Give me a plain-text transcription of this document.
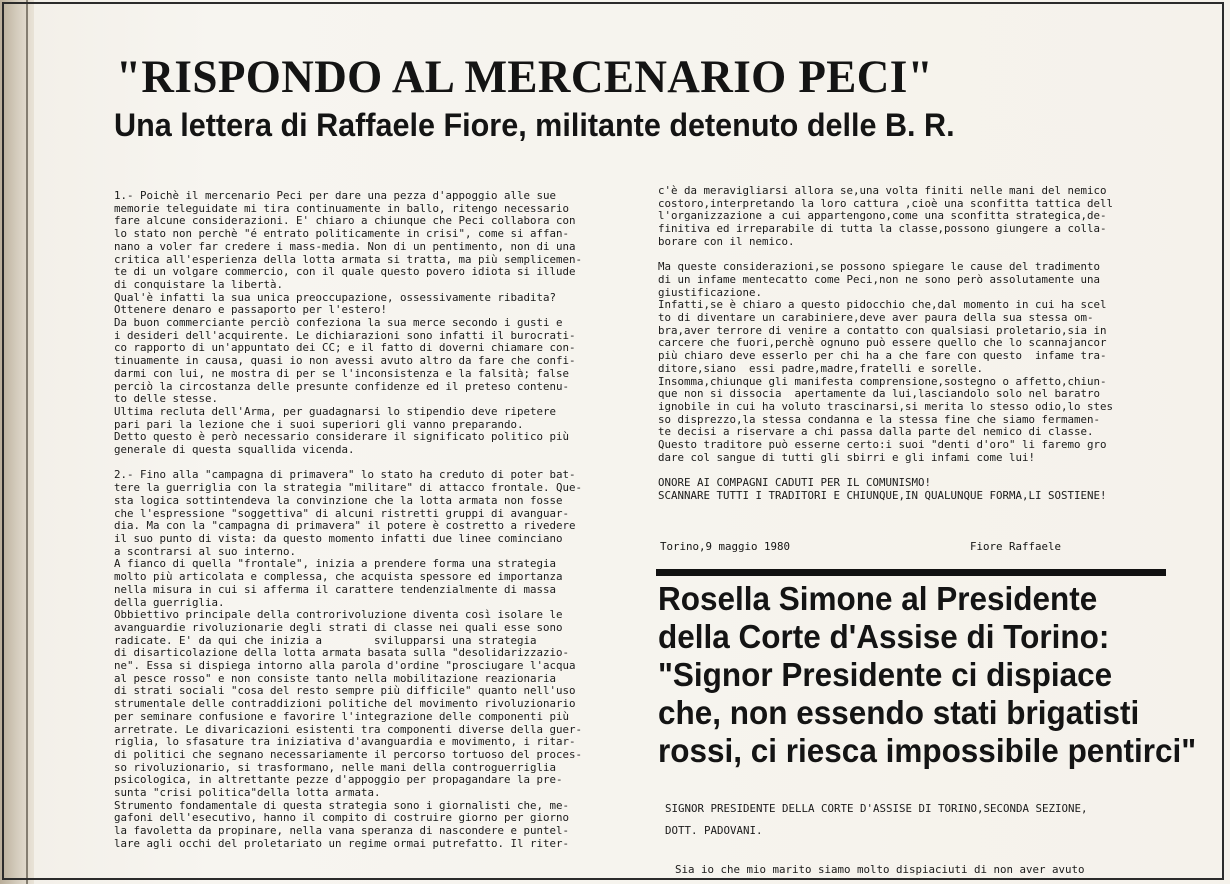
"RISPONDO AL MERCENARIO PECI"
Una lettera di Raffaele Fiore, militante detenuto delle B. R.
1.- Poichè il mercenario Peci per dare una pezza d'appoggio alle sue
memorie teleguidate mi tira continuamente in ballo, ritengo necessario
fare alcune considerazioni. E' chiaro a chiunque che Peci collabora con
lo stato non perchè "é entrato politicamente in crisi", come si affan-
nano a voler far credere i mass-media. Non di un pentimento, non di una
critica all'esperienza della lotta armata si tratta, ma più semplicemen-
te di un volgare commercio, con il quale questo povero idiota si illude
di conquistare la libertà.
Qual'è infatti la sua unica preoccupazione, ossessivamente ribadita?
Ottenere denaro e passaporto per l'estero!
Da buon commerciante perciò confeziona la sua merce secondo i gusti e
i desideri dell'acquirente. Le dichiarazioni sono infatti il burocrati-
co rapporto di un'appuntato dei CC; e il fatto di doverni chiamare con-
tinuamente in causa, quasi io non avessi avuto altro da fare che confi-
darmi con lui, ne mostra di per se l'inconsistenza e la falsità; false
perciò la circostanza delle presunte confidenze ed il preteso contenu-
to delle stesse.
Ultima recluta dell'Arma, per guadagnarsi lo stipendio deve ripetere
pari pari la lezione che i suoi superiori gli vanno preparando.
Detto questo è però necessario considerare il significato politico più
generale di questa squallida vicenda.

2.- Fino alla "campagna di primavera" lo stato ha creduto di poter bat-
tere la guerriglia con la strategia "militare" di attacco frontale. Que-
sta logica sottintendeva la convinzione che la lotta armata non fosse
che l'espressione "soggettiva" di alcuni ristretti gruppi di avanguar-
dia. Ma con la "campagna di primavera" il potere è costretto a rivedere
il suo punto di vista: da questo momento infatti due linee cominciano
a scontrarsi al suo interno.
A fianco di quella "frontale", inizia a prendere forma una strategia
molto più articolata e complessa, che acquista spessore ed importanza
nella misura in cui si afferma il carattere tendenzialmente di massa
della guerriglia.
Obbiettivo principale della controrivoluzione diventa così isolare le
avanguardie rivoluzionarie degli strati di classe nei quali esse sono
radicate. E' da qui che inizia a        svilupparsi una strategia
di disarticolazione della lotta armata basata sulla "desolidarizzazio-
ne". Essa si dispiega intorno alla parola d'ordine "prosciugare l'acqua
al pesce rosso" e non consiste tanto nella mobilitazione reazionaria
di strati sociali "cosa del resto sempre più difficile" quanto nell'uso
strumentale delle contraddizioni politiche del movimento rivoluzionario
per seminare confusione e favorire l'integrazione delle componenti più
arretrate. Le divaricazioni esistenti tra componenti diverse della guer-
riglia, lo sfasature tra iniziativa d'avanguardia e movimento, i ritar-
di politici che segnano necessariamente il percorso tortuoso del proces-
so rivoluzionario, si trasformano, nelle mani della controguerriglia
psicologica, in altrettante pezze d'appoggio per propagandare la pre-
sunta "crisi politica"della lotta armata.
Strumento fondamentale di questa strategia sono i giornalisti che, me-
gafoni dell'esecutivo, hanno il compito di costruire giorno per giorno
la favoletta da propinare, nella vana speranza di nascondere e puntel-
lare agli occhi del proletariato un regime ormai putrefatto. Il riter-
c'è da meravigliarsi allora se,una volta finiti nelle mani del nemico
costoro,interpretando la loro cattura ,cioè una sconfitta tattica dell
l'organizzazione a cui appartengono,come una sconfitta strategica,de-
finitiva ed irreparabile di tutta la classe,possono giungere a colla-
borare con il nemico.

Ma queste considerazioni,se possono spiegare le cause del tradimento
di un infame mentecatto come Peci,non ne sono però assolutamente una
giustificazione.
Infatti,se è chiaro a questo pidocchio che,dal momento in cui ha scel
to di diventare un carabiniere,deve aver paura della sua stessa om-
bra,aver terrore di venire a contatto con qualsiasi proletario,sia in
carcere che fuori,perchè ognuno può essere quello che lo scannajancor
più chiaro deve esserlo per chi ha a che fare con questo  infame tra-
ditore,siano  essi padre,madre,fratelli e sorelle.
Insomma,chiunque gli manifesta comprensione,sostegno o affetto,chiun-
que non si dissocia  apertamente da lui,lasciandolo solo nel baratro
ignobile in cui ha voluto trascinarsi,si merita lo stesso odio,lo stes
so disprezzo,la stessa condanna e la stessa fine che siamo fermamen-
te decisi a riservare a chi passa dalla parte del nemico di classe.
Questo traditore può esserne certo:i suoi "denti d'oro" li faremo gro
dare col sangue di tutti gli sbirri e gli infami come lui!

ONORE AI COMPAGNI CADUTI PER IL COMUNISMO!
SCANNARE TUTTI I TRADITORI E CHIUNQUE,IN QUALUNQUE FORMA,LI SOSTIENE!
Torino,9 maggio 1980	Fiore Raffaele
Rosella Simone al Presidente
della Corte d'Assise di Torino:
"Signor Presidente ci dispiace
che, non essendo stati brigatisti
rossi, ci riesca impossibile pentirci"
SIGNOR PRESIDENTE DELLA CORTE D'ASSISE DI TORINO,SECONDA SEZIONE,
DOTT. PADOVANI.
Sia io che mio marito siamo molto dispiaciuti di non aver avuto
